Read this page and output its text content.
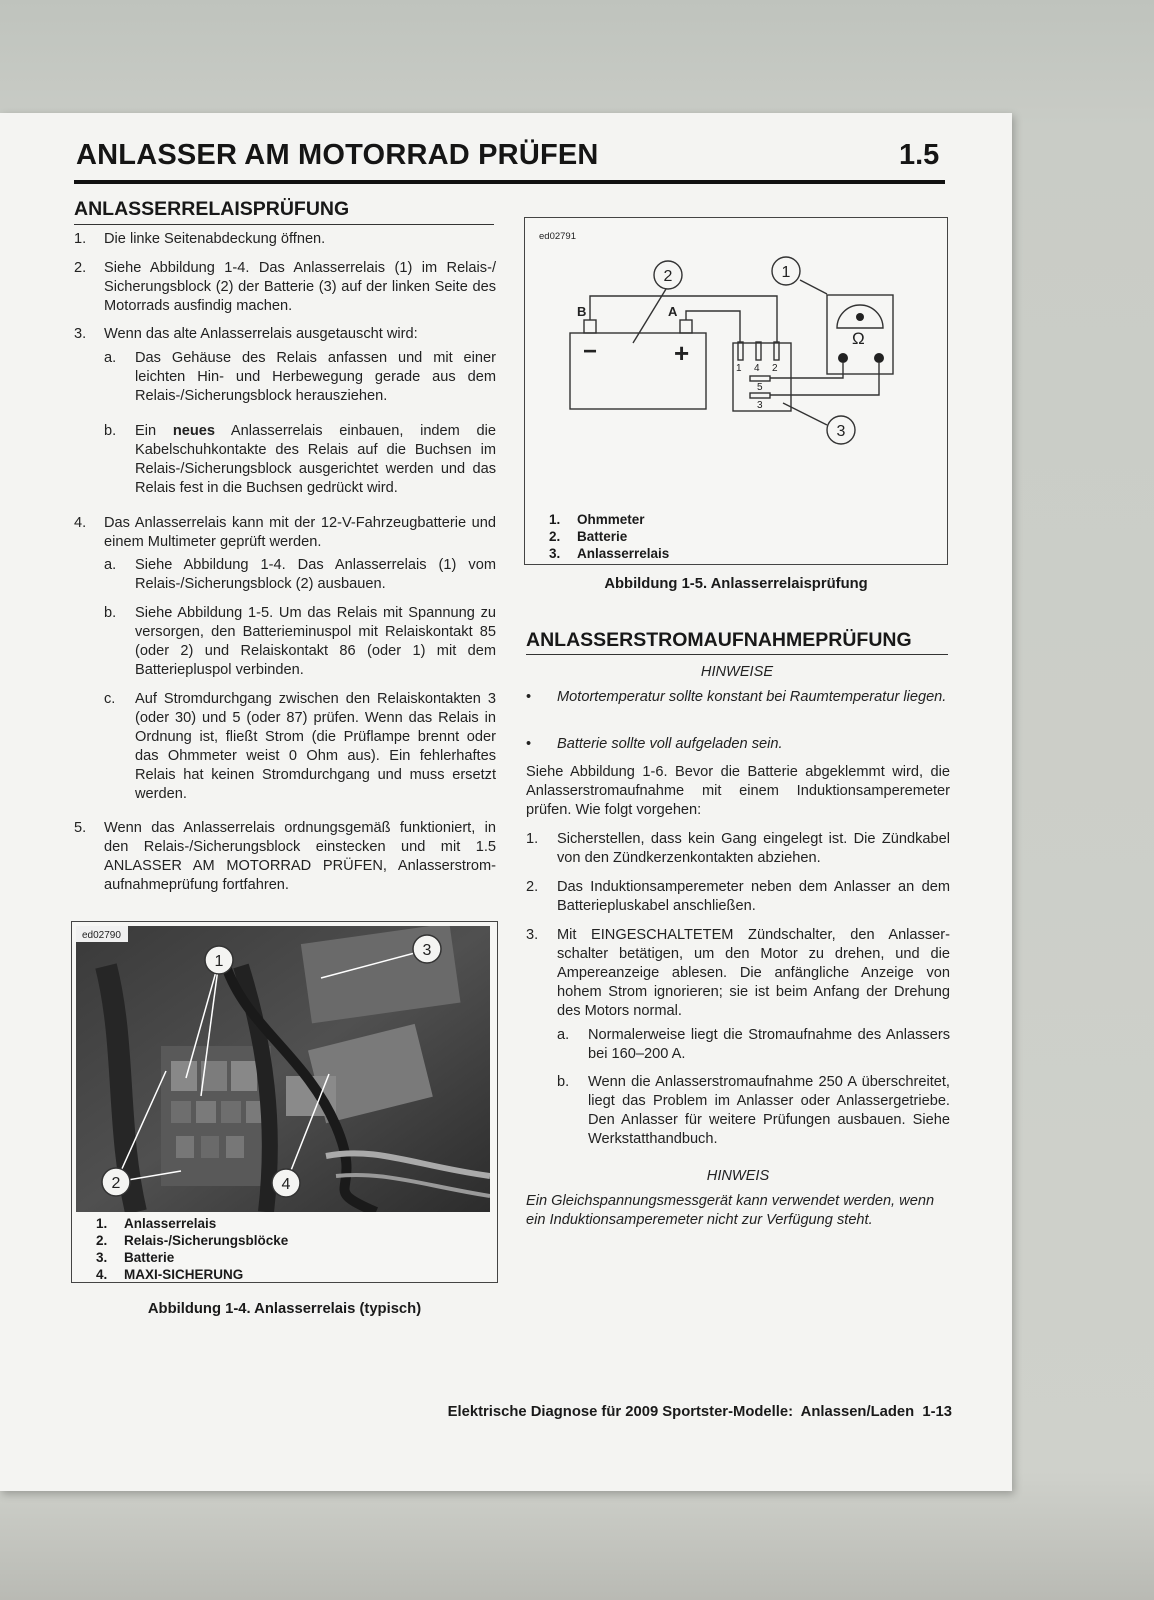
ANLASSER AM MOTORRAD PRÜFEN	1.5
ANLASSERRELAISPRÜFUNG
1. Die linke Seitenabdeckung öffnen.
2. Siehe Abbildung 1-4. Das Anlasserrelais (1) im Relais-/ Sicherungsblock (2) der Batterie (3) auf der linken Seite des Motorrads ausfindig machen.
3. Wenn das alte Anlasserrelais ausgetauscht wird:
a. Das Gehäuse des Relais anfassen und mit einer leichten Hin- und Herbewegung gerade aus dem Relais-/Sicherungsblock herausziehen.
b. Ein neues Anlasserrelais einbauen, indem die Kabelschuhkontakte des Relais auf die Buchsen im Relais-/Sicherungsblock ausgerichtet werden und das Relais fest in die Buchsen gedrückt wird.
4. Das Anlasserrelais kann mit der 12-V-Fahrzeugbatterie und einem Multimeter geprüft werden.
a. Siehe Abbildung 1-4. Das Anlasserrelais (1) vom Relais-/Sicherungsblock (2) ausbauen.
b. Siehe Abbildung 1-5. Um das Relais mit Spannung zu versorgen, den Batterieminuspol mit Relaiskontakt 85 (oder 2) und Relaiskontakt 86 (oder 1) mit dem Batteriepluspol verbinden.
c. Auf Stromdurchgang zwischen den Relaiskontakten 3 (oder 30) und 5 (oder 87) prüfen. Wenn das Relais in Ordnung ist, fließt Strom (die Prüflampe brennt oder das Ohmmeter weist 0 Ohm aus). Ein fehlerhaftes Relais hat keinen Stromdurchgang und muss ersetzt werden.
5. Wenn das Anlasserrelais ordnungsgemäß funktioniert, in den Relais-/Sicherungsblock einstecken und mit 1.5 ANLASSER AM MOTORRAD PRÜFEN, Anlasserstromaufnahmeprüfung fortfahren.
ed02790
1
3
2	4
1. Anlasserrelais
2. Relais-/Sicherungsblöcke
3. Batterie
4. MAXI-SICHERUNG
Abbildung 1-4. Anlasserrelais (typisch)
ed02791
B	A
−	+
1 4 2
5
3
Ω
2	1
3
1. Ohmmeter
2. Batterie
3. Anlasserrelais
Abbildung 1-5. Anlasserrelaisprüfung
ANLASSERSTROMAUFNAHMEPRÜFUNG
HINWEISE
• Motortemperatur sollte konstant bei Raumtemperatur liegen.
• Batterie sollte voll aufgeladen sein.
Siehe Abbildung 1-6. Bevor die Batterie abgeklemmt wird, die Anlasserstromaufnahme mit einem Induktionsamperemeter prüfen. Wie folgt vorgehen:
1. Sicherstellen, dass kein Gang eingelegt ist. Die Zündkabel von den Zündkerzenkontakten abziehen.
2. Das Induktionsamperemeter neben dem Anlasser an dem Batteriepluskabel anschließen.
3. Mit EINGESCHALTETEM Zündschalter, den Anlasserschalter betätigen, um den Motor zu drehen, und die Ampereanzeige ablesen. Die anfängliche Anzeige von hohem Strom ignorieren; sie ist beim Anfang der Drehung des Motors normal.
a. Normalerweise liegt die Stromaufnahme des Anlassers bei 160–200 A.
b. Wenn die Anlasserstromaufnahme 250 A überschreitet, liegt das Problem im Anlasser oder Anlassergetriebe. Den Anlasser für weitere Prüfungen ausbauen. Siehe Werkstatthandbuch.
HINWEIS
Ein Gleichspannungsmessgerät kann verwendet werden, wenn ein Induktionsamperemeter nicht zur Verfügung steht.
Elektrische Diagnose für 2009 Sportster-Modelle:  Anlassen/Laden  1-13
